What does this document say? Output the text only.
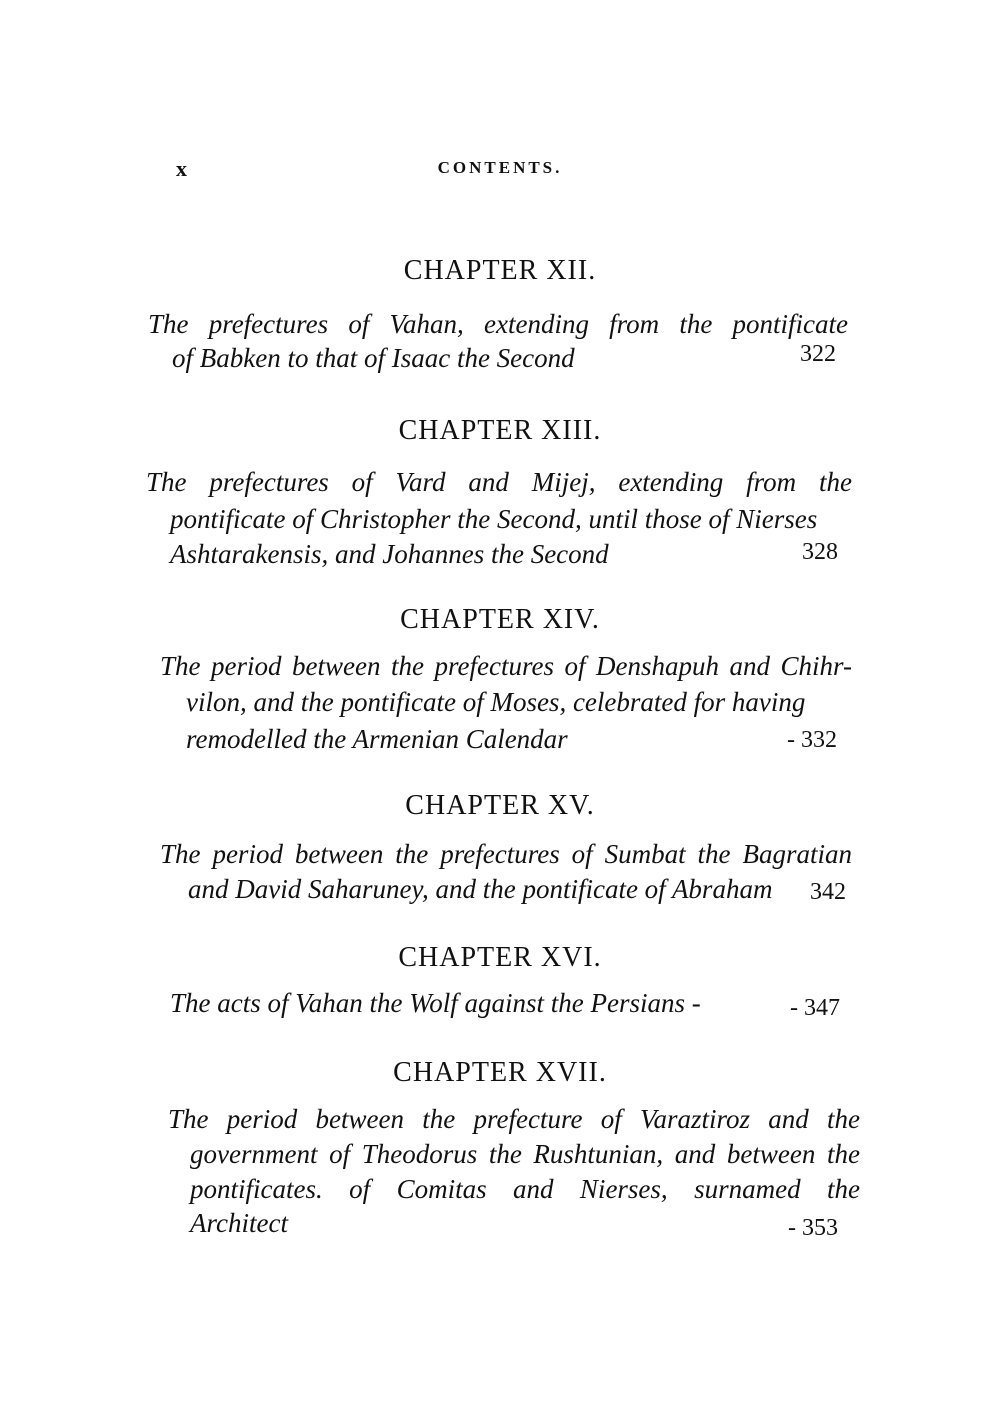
x	CONTENTS.
CHAPTER XII.
The prefectures of Vahan, extending from the pontificate
of Babken to that of Isaac the Second	322
CHAPTER XIII.
The prefectures of Vard and Mijej, extending from the
pontificate of Christopher the Second, until those of Nierses
Ashtarakensis, and Johannes the Second	328
CHAPTER XIV.
The period between the prefectures of Denshapuh and Chihr-
vilon, and the pontificate of Moses, celebrated for having
remodelled the Armenian Calendar	- 332
CHAPTER XV.
The period between the prefectures of Sumbat the Bagratian
and David Saharuney, and the pontificate of Abraham 342
CHAPTER XVI.
The acts of Vahan the Wolf against the Persians -	- 347
CHAPTER XVII.
The period between the prefecture of Varaztiroz and the
government of Theodorus the Rushtunian, and between the
pontificates. of Comitas and Nierses, surnamed the
Architect	- 353
